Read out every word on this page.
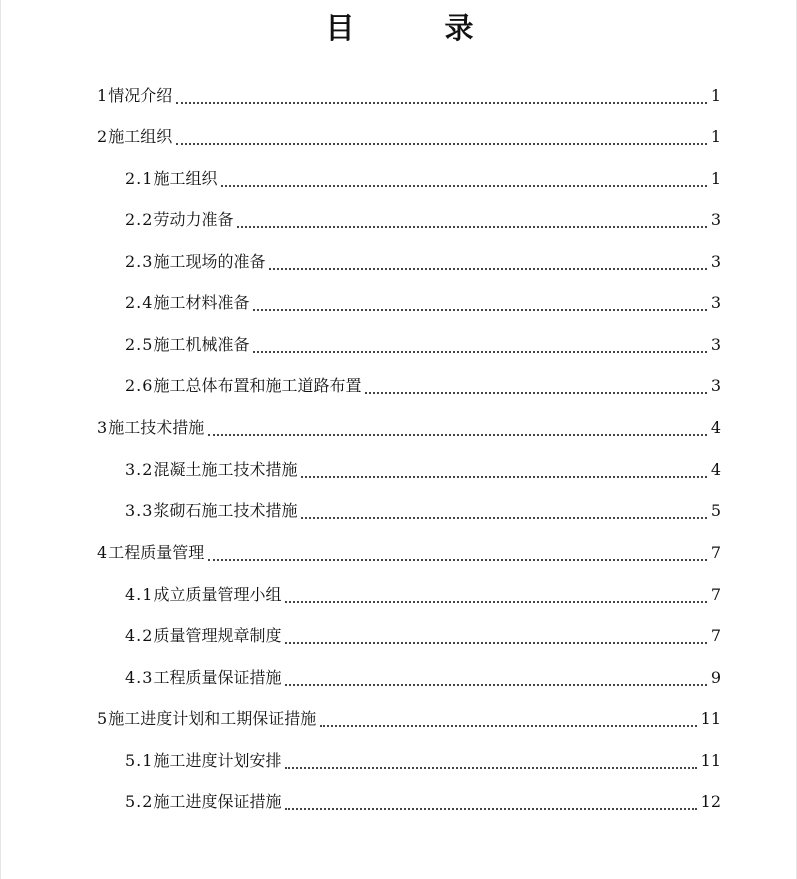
目 录
1 情况介绍	1
2 施工组织	1
2.1 施工组织	1
2.2 劳动力准备	3
2.3 施工现场的准备	3
2.4 施工材料准备	3
2.5 施工机械准备	3
2.6 施工总体布置和施工道路布置	3
3 施工技术措施	4
3.2 混凝土施工技术措施	4
3.3 浆砌石施工技术措施	5
4 工程质量管理	7
4.1 成立质量管理小组	7
4.2 质量管理规章制度	7
4.3 工程质量保证措施	9
5 施工进度计划和工期保证措施	11
5.1 施工进度计划安排	11
5.2 施工进度保证措施	12
